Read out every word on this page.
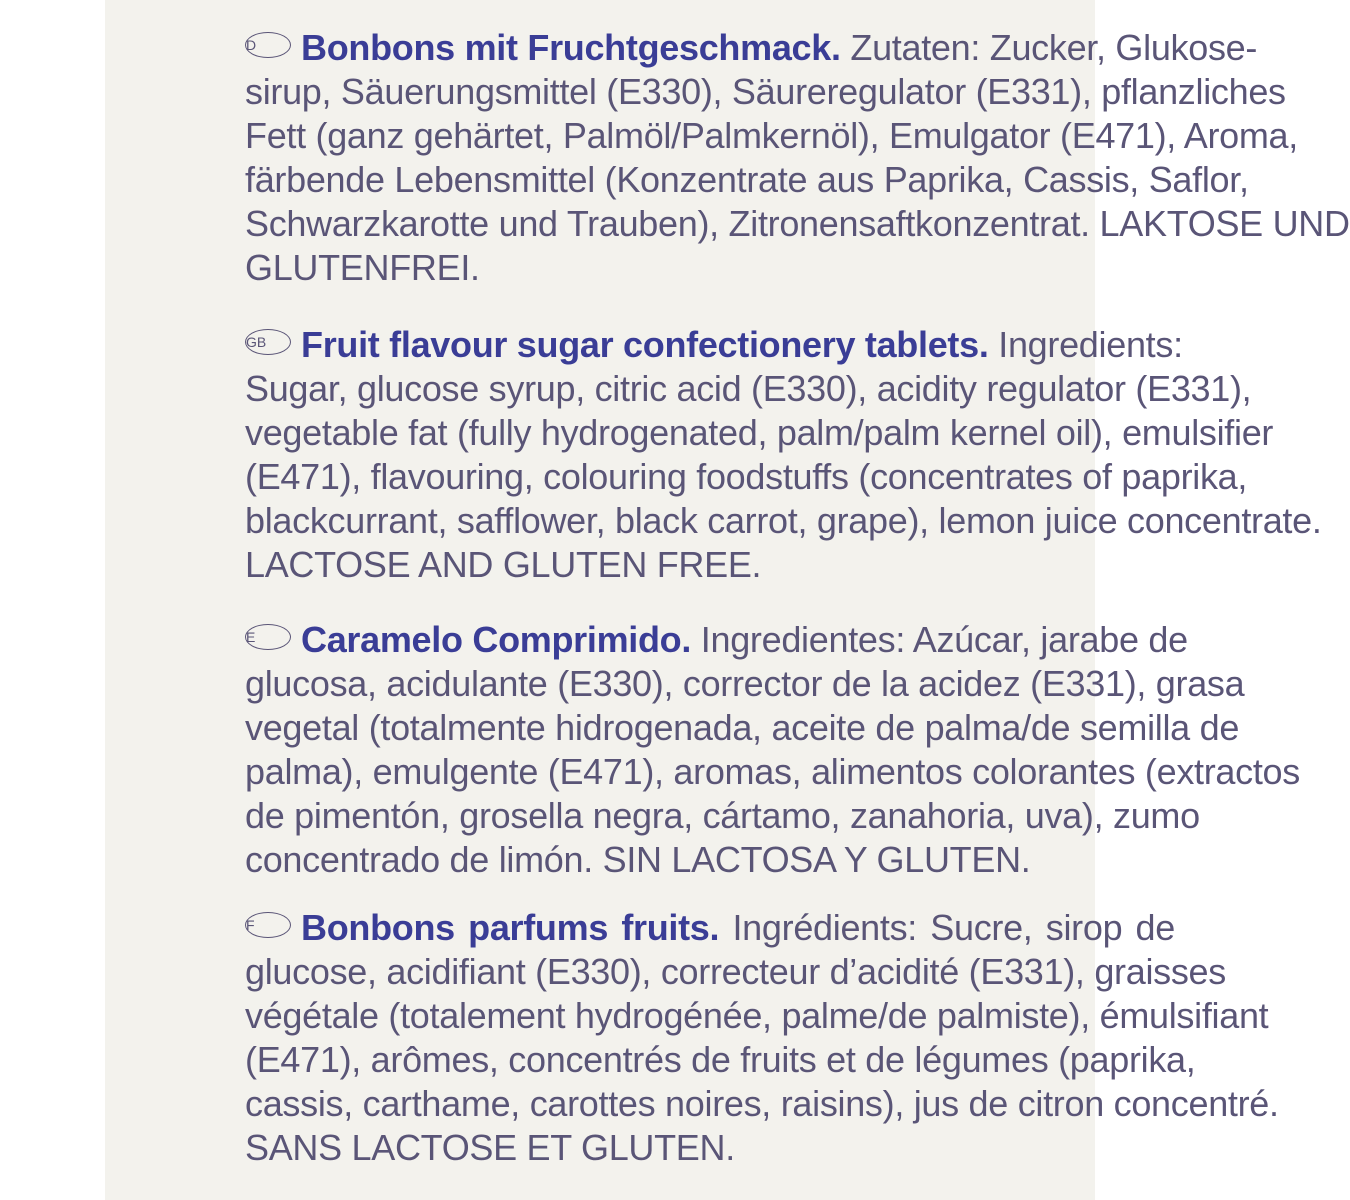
D Bonbons mit Fruchtgeschmack. Zutaten: Zucker, Glukose-
sirup, Säuerungsmittel (E330), Säureregulator (E331), pflanzliches
Fett (ganz gehärtet, Palmöl/Palmkernöl), Emulgator (E471), Aroma,
färbende Lebensmittel (Konzentrate aus Paprika, Cassis, Saflor,
Schwarzkarotte und Trauben), Zitronensaftkonzentrat. LAKTOSE UND
GLUTENFREI.
GB Fruit flavour sugar confectionery tablets. Ingredients:
Sugar, glucose syrup, citric acid (E330), acidity regulator (E331),
vegetable fat (fully hydrogenated, palm/palm kernel oil), emulsifier
(E471), flavouring, colouring foodstuffs (concentrates of paprika,
blackcurrant, safflower, black carrot, grape), lemon juice concentrate.
LACTOSE AND GLUTEN FREE.
E Caramelo Comprimido. Ingredientes: Azúcar, jarabe de
glucosa, acidulante (E330), corrector de la acidez (E331), grasa
vegetal (totalmente hidrogenada, aceite de palma/de semilla de
palma), emulgente (E471), aromas, alimentos colorantes (extractos
de pimentón, grosella negra, cártamo, zanahoria, uva), zumo
concentrado de limón. SIN LACTOSA Y GLUTEN.
F Bonbons parfums fruits. Ingrédients: Sucre, sirop de
glucose, acidifiant (E330), correcteur d’acidité (E331), graisses
végétale (totalement hydrogénée, palme/de palmiste), émulsifiant
(E471), arômes, concentrés de fruits et de légumes (paprika,
cassis, carthame, carottes noires, raisins), jus de citron concentré.
SANS LACTOSE ET GLUTEN.
